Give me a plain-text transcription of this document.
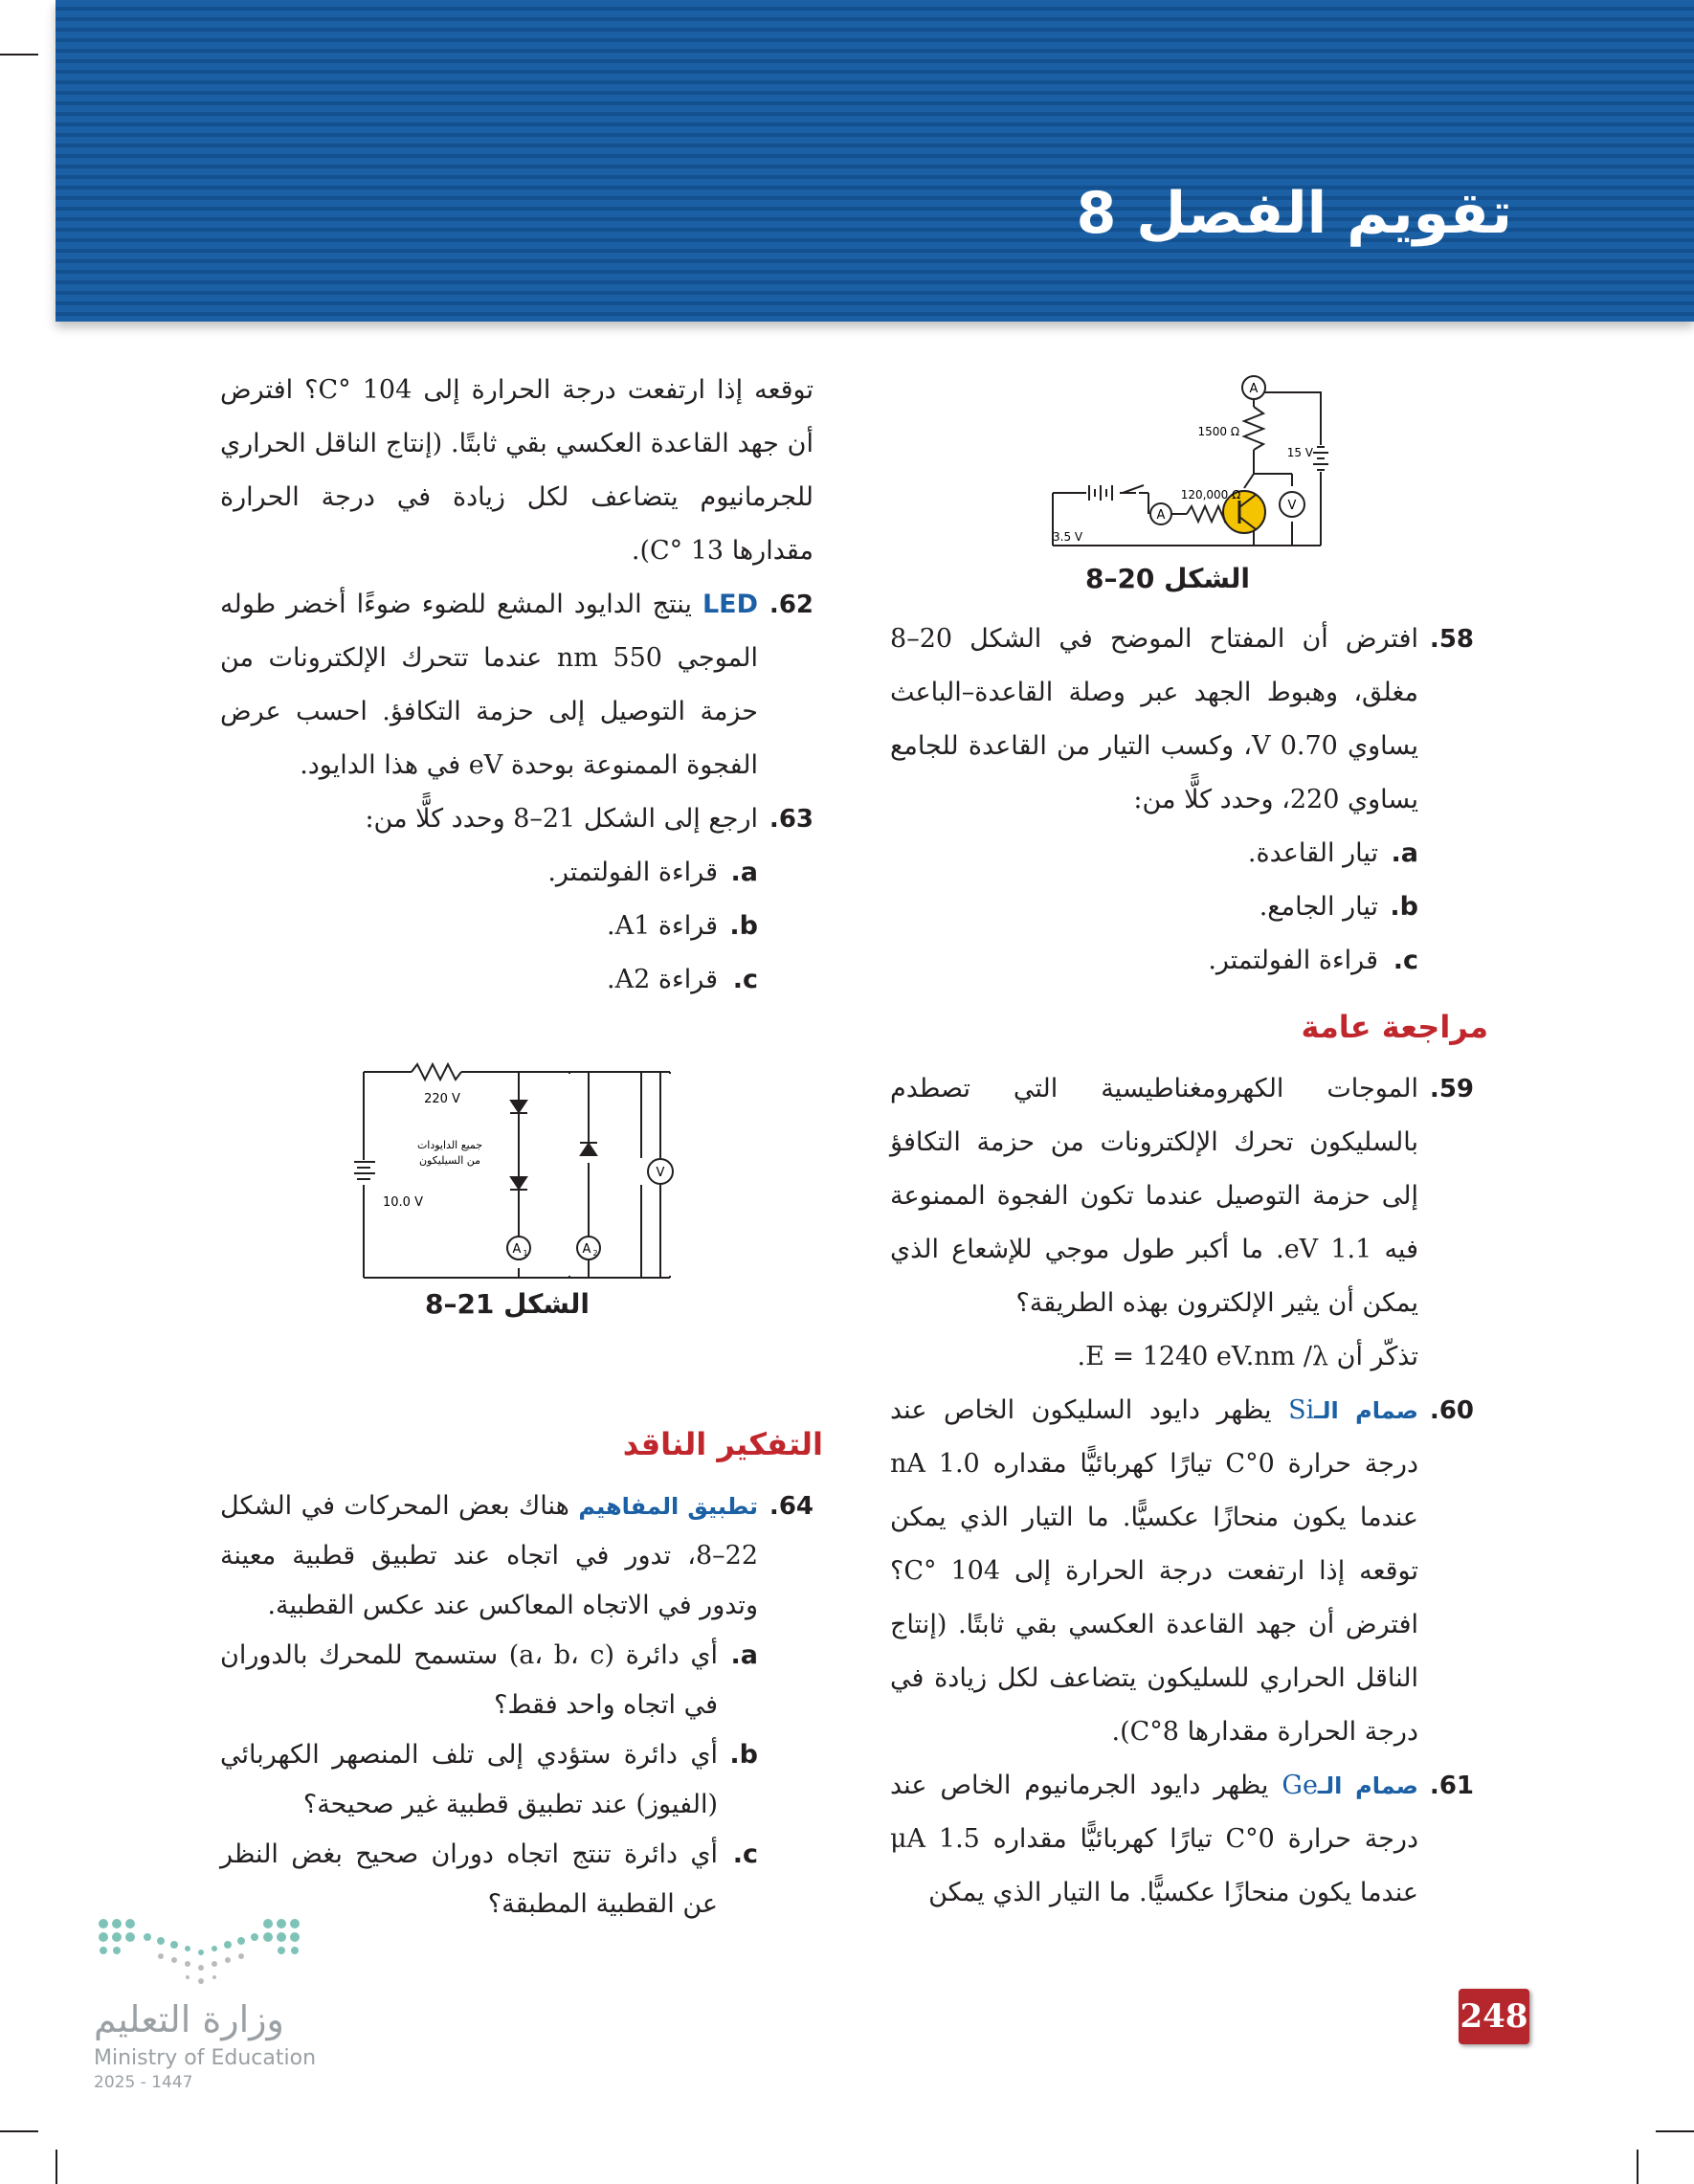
تقويم الفصل 8
A
A
V
1500 Ω
15 V
120,000 Ω
3.5 V
الشكل 20–8
58.

افترض أن المفتاح الموضح في الشكل 20–8 مغلق، وهبوط الجهد عبر وصلة القاعدة–الباعث يساوي 0.70 V، وكسب التيار من القاعدة للجامع يساوي 220، وحدد كلًّا من:

a.
تيار القاعدة.
b.
تيار الجامع.
c.
قراءة الفولتمتر.
مراجعة عامة
59.

الموجات الكهرومغناطيسية التي تصطدم بالسليكون تحرك الإلكترونات من حزمة التكافؤ إلى حزمة التوصيل عندما تكون الفجوة الممنوعة فيه 1.1 eV. ما أكبر طول موجي للإشعاع الذي يمكن أن يثير الإلكترون بهذه الطريقة؟

تذكّر أن E = 1240 eV.nm /λ.

60.

صمام الـSi يظهر دايود السليكون الخاص عند درجة حرارة 0°C تيارًا كهربائيًّا مقداره 1.0 nA عندما يكون منحازًا عكسيًّا. ما التيار الذي يمكن توقعه إذا ارتفعت درجة الحرارة إلى 104 °C؟ افترض أن جهد القاعدة العكسي بقي ثابتًا. (إنتاج الناقل الحراري للسليكون يتضاعف لكل زيادة في درجة الحرارة مقدارها 8°C).

61.

صمام الـGe يظهر دايود الجرمانيوم الخاص عند درجة حرارة 0°C تيارًا كهربائيًّا مقداره 1.5 μA عندما يكون منحازًا عكسيًّا. ما التيار الذي يمكن

توقعه إذا ارتفعت درجة الحرارة إلى 104 °C؟ افترض أن جهد القاعدة العكسي بقي ثابتًا. (إنتاج الناقل الحراري للجرمانيوم يتضاعف لكل زيادة في درجة الحرارة مقدارها 13 °C).

62.

LED ينتج الدايود المشع للضوء ضوءًا أخضر طوله الموجي 550 nm عندما تتحرك الإلكترونات من حزمة التوصيل إلى حزمة التكافؤ. احسب عرض الفجوة الممنوعة بوحدة eV في هذا الدايود.

63.

ارجع إلى الشكل 21–8 وحدد كلًّا من:

a.
قراءة الفولتمتر.
b.
قراءة A1.
c.
قراءة A2.
A 1	A 2
V
220 V
جميع الدايودات
من السيليكون
10.0 V
الشكل 21–8
التفكير الناقد
64.

تطبيق المفاهيم هناك بعض المحركات في الشكل 22–8، تدور في اتجاه عند تطبيق قطبية معينة وتدور في الاتجاه المعاكس عند عكس القطبية.

a.
أي دائرة (a، b، c) ستسمح للمحرك بالدوران في اتجاه واحد فقط؟
b.
أي دائرة ستؤدي إلى تلف المنصهر الكهربائي (الفيوز) عند تطبيق قطبية غير صحيحة؟
c.
أي دائرة تنتج اتجاه دوران صحيح بغض النظر عن القطبية المطبقة؟
وزارة التعليم
Ministry of Education
2025 - 1447
248
